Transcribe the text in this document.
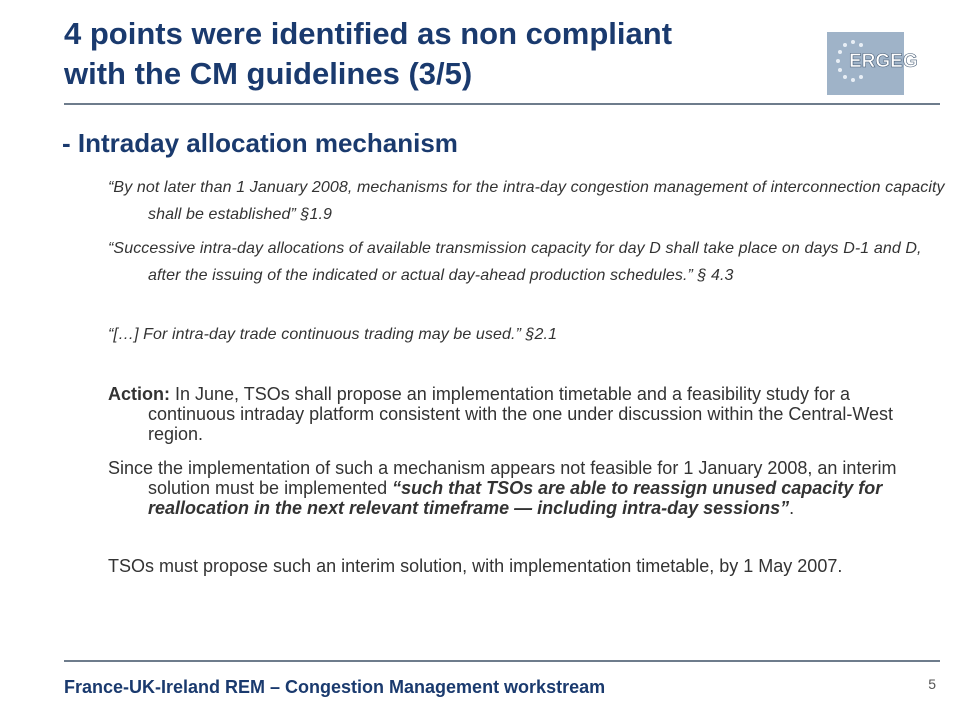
4 points were identified as non compliant
with the CM guidelines (3/5)	ERGEG
- Intraday allocation mechanism
“By not later than 1 January 2008, mechanisms for the intra-day congestion management of interconnection capacity shall be established” §1.9
“Successive intra-day allocations of available transmission capacity for day D shall take place on days D-1 and D, after the issuing of the indicated or actual day-ahead production schedules.” § 4.3
“[…] For intra-day trade continuous trading may be used.” §2.1
Action: In June, TSOs shall propose an implementation timetable and a feasibility study for a continuous intraday platform consistent with the one under discussion within the Central-West region.
Since the implementation of such a mechanism appears not feasible for 1 January 2008, an interim solution must be implemented “such that TSOs are able to reassign unused capacity for reallocation in the next relevant timeframe — including intra-day sessions”.
TSOs must propose such an interim solution, with implementation timetable, by 1 May 2007.
France-UK-Ireland REM – Congestion Management workstream	5
